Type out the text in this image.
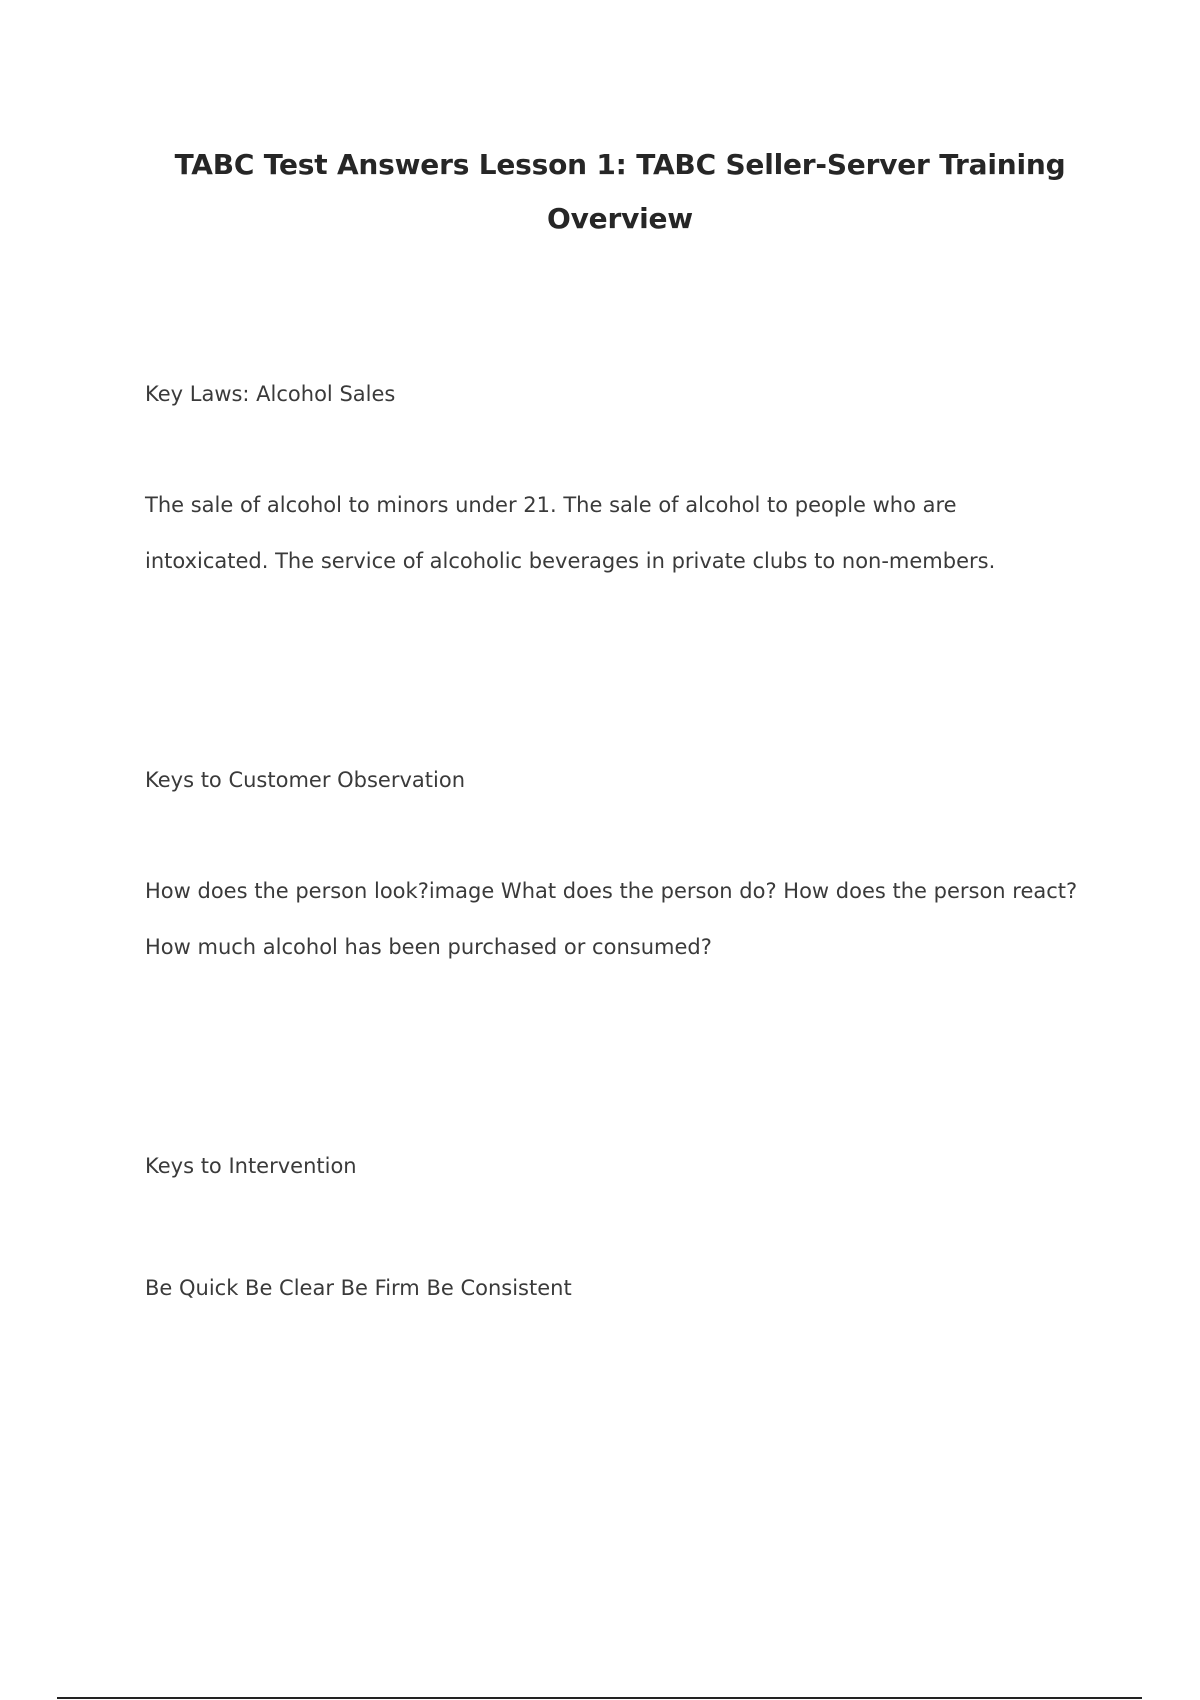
TABC Test Answers Lesson 1: TABC Seller-Server Training Overview

Key Laws: Alcohol Sales

The sale of alcohol to minors under 21. The sale of alcohol to people who are intoxicated. The service of alcoholic beverages in private clubs to non-members.

Keys to Customer Observation

How does the person look?image What does the person do? How does the person react? How much alcohol has been purchased or consumed?

Keys to Intervention

Be Quick Be Clear Be Firm Be Consistent
